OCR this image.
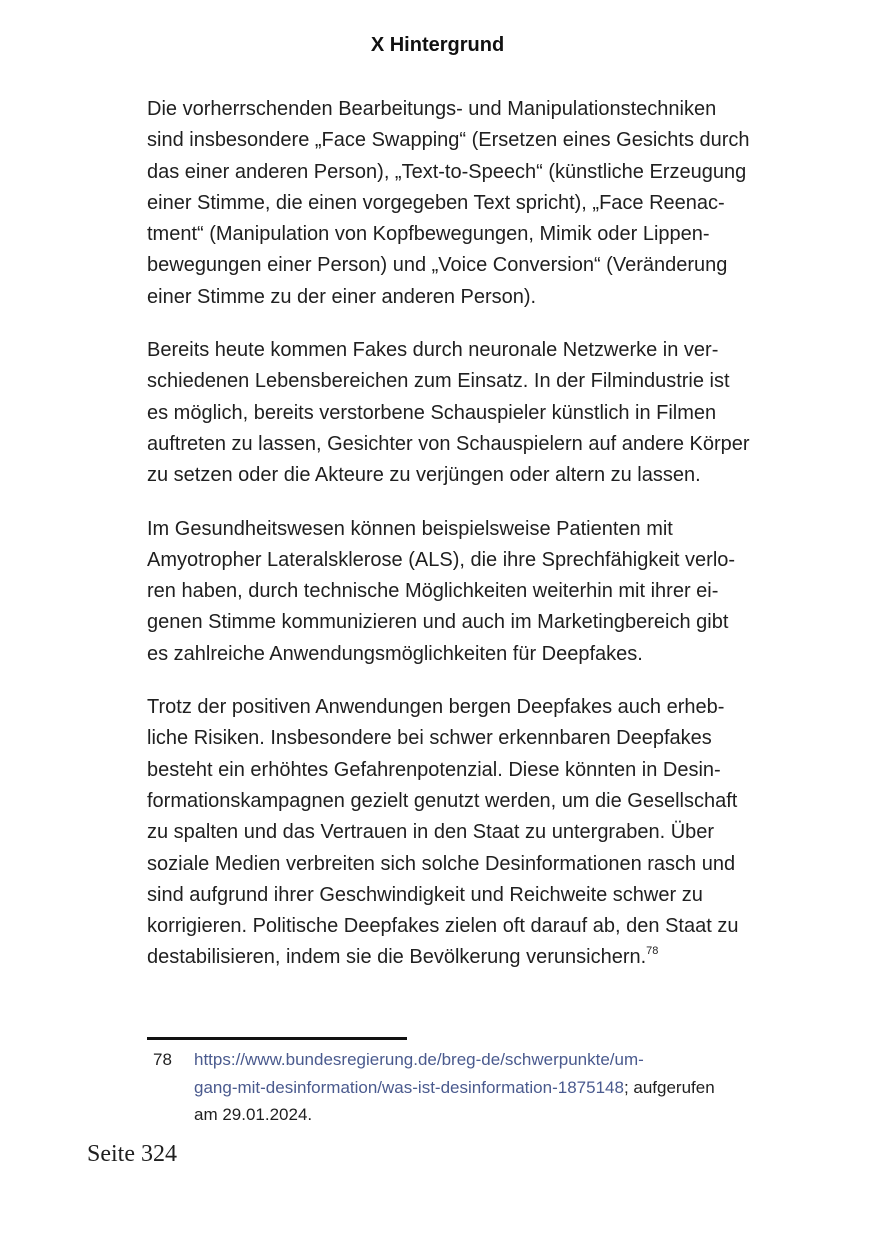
X Hintergrund

Die vorherrschenden Bearbeitungs- und Manipulationstechniken

sind insbesondere „Face Swapping“ (Ersetzen eines Gesichts durch

das einer anderen Person), „Text-to-Speech“ (künstliche Erzeugung

einer Stimme, die einen vorgegeben Text spricht), „Face Reenac-

tment“ (Manipulation von Kopfbewegungen, Mimik oder Lippen-

bewegungen einer Person) und „Voice Conversion“ (Veränderung

einer Stimme zu der einer anderen Person).

Bereits heute kommen Fakes durch neuronale Netzwerke in ver-

schiedenen Lebensbereichen zum Einsatz. In der Filmindustrie ist

es möglich, bereits verstorbene Schauspieler künstlich in Filmen

auftreten zu lassen, Gesichter von Schauspielern auf andere Körper

zu setzen oder die Akteure zu verjüngen oder altern zu lassen.

Im Gesundheitswesen können beispielsweise Patienten mit

Amyotropher Lateralsklerose (ALS), die ihre Sprechfähigkeit verlo-

ren haben, durch technische Möglichkeiten weiterhin mit ihrer ei-

genen Stimme kommunizieren und auch im Marketingbereich gibt

es zahlreiche Anwendungsmöglichkeiten für Deepfakes.

Trotz der positiven Anwendungen bergen Deepfakes auch erheb-

liche Risiken. Insbesondere bei schwer erkennbaren Deepfakes

besteht ein erhöhtes Gefahrenpotenzial. Diese könnten in Desin-

formationskampagnen gezielt genutzt werden, um die Gesellschaft

zu spalten und das Vertrauen in den Staat zu untergraben. Über

soziale Medien verbreiten sich solche Desinformationen rasch und

sind aufgrund ihrer Geschwindigkeit und Reichweite schwer zu

korrigieren. Politische Deepfakes zielen oft darauf ab, den Staat zu

destabilisieren, indem sie die Bevölkerung verunsichern.$^{78}$

78 https://www.bundesregierung.de/breg-de/schwerpunkte/um-

gang-mit-desinformation/was-ist-desinformation-1875148; aufgerufen

am 29.01.2024.

Seite 324
